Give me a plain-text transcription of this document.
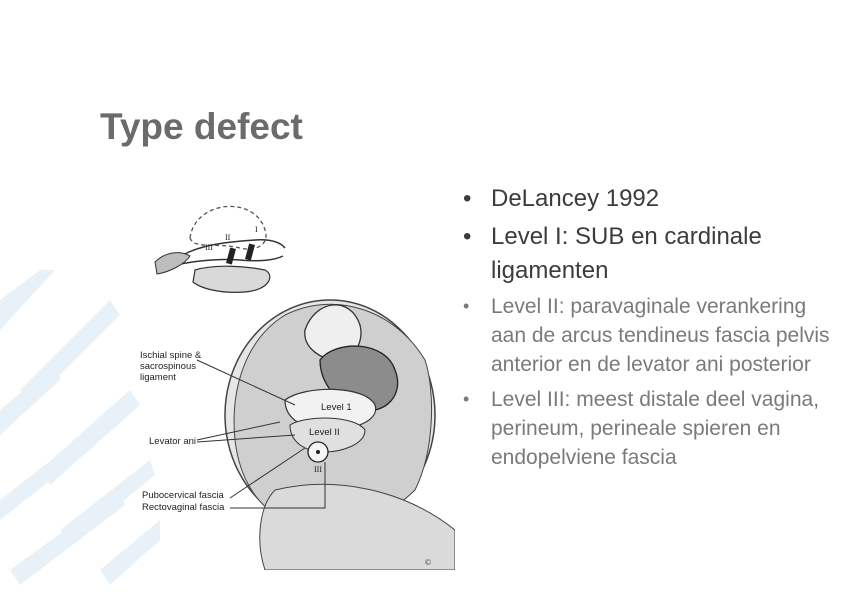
Type defect
I
II
III
Ischial spine &
sacrospinous
ligament
Levator ani
Pubocervical fascia
Rectovaginal fascia
Level 1
Level II
III
©
• DeLancey 1992
• Level I: SUB en cardinale ligamenten
• Level II: paravaginale verankering aan de arcus tendineus fascia pelvis anterior en de levator ani posterior
• Level III: meest distale deel vagina, perineum, perineale spieren en endopelviene fascia
